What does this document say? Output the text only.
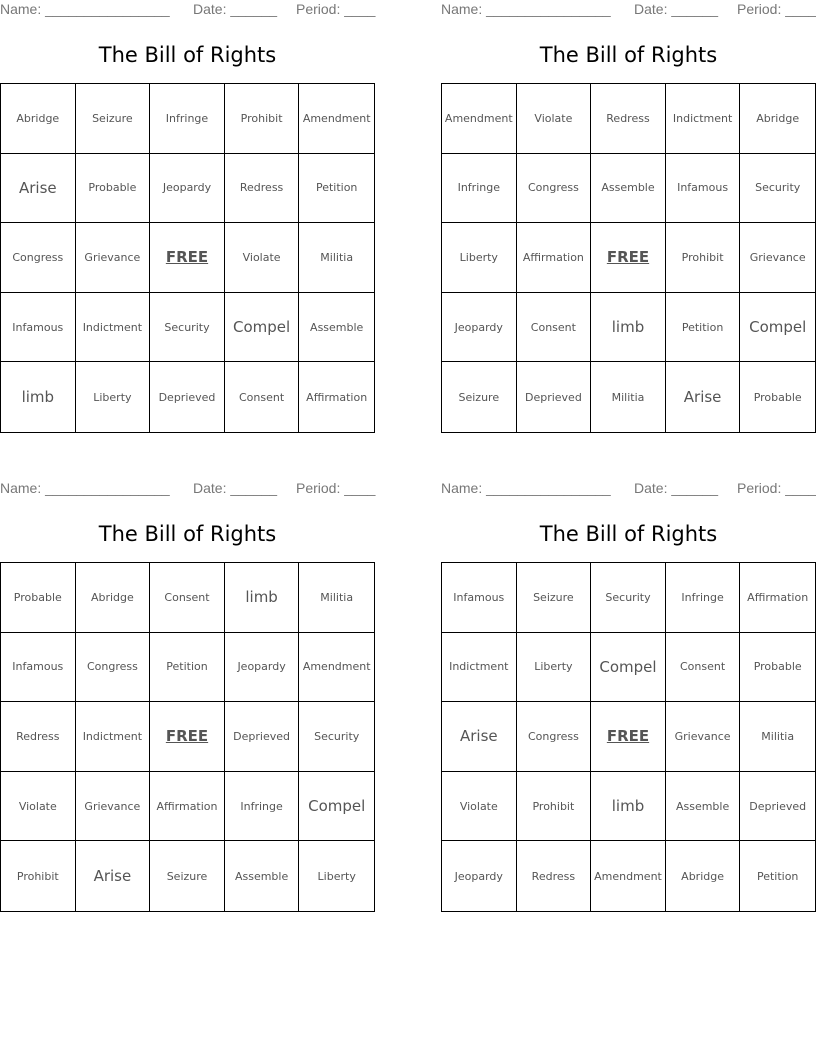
Name: ________________ Date: ______ Period: ____
The Bill of Rights
Abridge	Seizure	Infringe	Prohibit	Amendment
Arise	Probable	Jeopardy	Redress	Petition
Congress	Grievance	FREE	Violate	Militia
Infamous	Indictment	Security	Compel	Assemble
limb	Liberty	Deprieved	Consent	Affirmation
Name: ________________ Date: ______ Period: ____
The Bill of Rights
Amendment	Violate	Redress	Indictment	Abridge
Infringe	Congress	Assemble	Infamous	Security
Liberty	Affirmation	FREE	Prohibit	Grievance
Jeopardy	Consent	limb	Petition	Compel
Seizure	Deprieved	Militia	Arise	Probable
Name: ________________ Date: ______ Period: ____
The Bill of Rights
Probable	Abridge	Consent	limb	Militia
Infamous	Congress	Petition	Jeopardy	Amendment
Redress	Indictment	FREE	Deprieved	Security
Violate	Grievance	Affirmation	Infringe	Compel
Prohibit	Arise	Seizure	Assemble	Liberty
Name: ________________ Date: ______ Period: ____
The Bill of Rights
Infamous	Seizure	Security	Infringe	Affirmation
Indictment	Liberty	Compel	Consent	Probable
Arise	Congress	FREE	Grievance	Militia
Violate	Prohibit	limb	Assemble	Deprieved
Jeopardy	Redress	Amendment	Abridge	Petition
